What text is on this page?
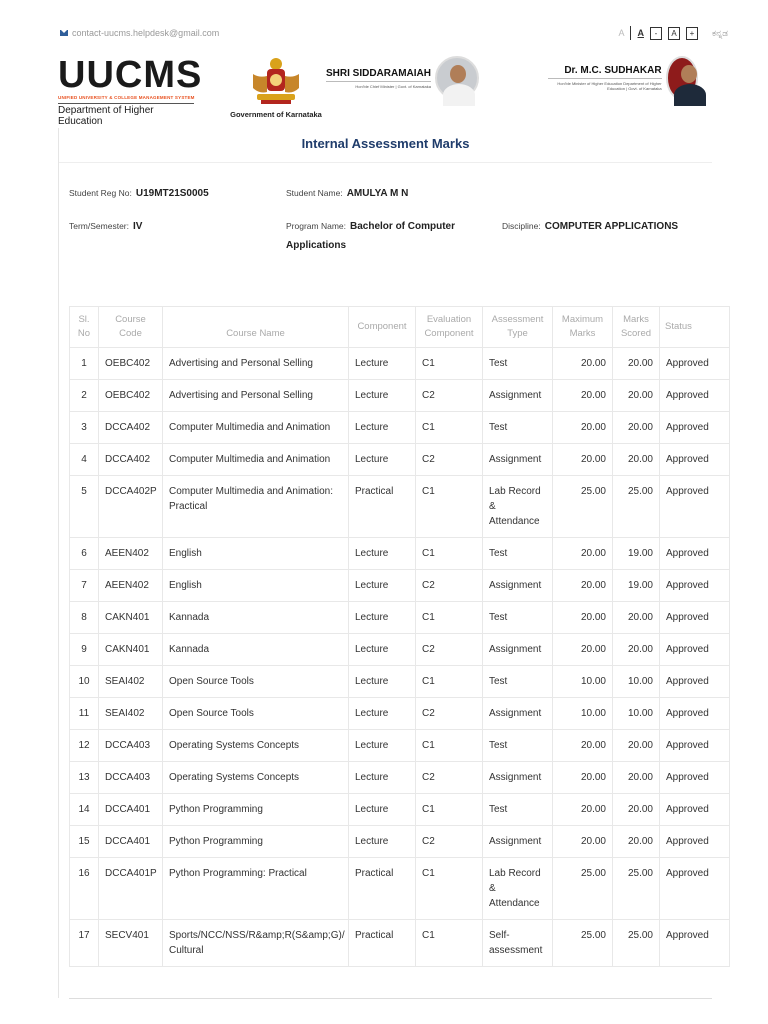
contact-uucms.helpdesk@gmail.com	A A	-	A	+	ಕನ್ನಡ
UUCMS
UNIFIED UNIVERSITY & COLLEGE MANAGEMENT SYSTEM
Department of Higher Education
Government of Karnataka
SHRI SIDDARAMAIAH
Hon'ble Chief Minister | Govt. of Karnataka
Dr. M.C. SUDHAKAR
Hon'ble Minister of Higher Education Department of Higher Education | Govt. of Karnataka
Internal Assessment Marks
Student Reg No: U19MT21S0005	Student Name: AMULYA M N
Term/Semester: IV	Program Name: Bachelor of Computer Applications
Discipline: COMPUTER APPLICATIONS
Sl. No	Course Code	Course Name	Component	Evaluation Component	Assessment Type	Maximum Marks	Marks Scored	Status
1	OEBC402	Advertising and Personal Selling	Lecture	C1	Test	20.00	20.00	Approved
2	OEBC402	Advertising and Personal Selling	Lecture	C2	Assignment	20.00	20.00	Approved
3	DCCA402	Computer Multimedia and Animation	Lecture	C1	Test	20.00	20.00	Approved
4	DCCA402	Computer Multimedia and Animation	Lecture	C2	Assignment	20.00	20.00	Approved
5	DCCA402P	Computer Multimedia and Animation: Practical	Practical	C1	Lab Record & Attendance	25.00	25.00	Approved
6	AEEN402	English	Lecture	C1	Test	20.00	19.00	Approved
7	AEEN402	English	Lecture	C2	Assignment	20.00	19.00	Approved
8	CAKN401	Kannada	Lecture	C1	Test	20.00	20.00	Approved
9	CAKN401	Kannada	Lecture	C2	Assignment	20.00	20.00	Approved
10	SEAI402	Open Source Tools	Lecture	C1	Test	10.00	10.00	Approved
11	SEAI402	Open Source Tools	Lecture	C2	Assignment	10.00	10.00	Approved
12	DCCA403	Operating Systems Concepts	Lecture	C1	Test	20.00	20.00	Approved
13	DCCA403	Operating Systems Concepts	Lecture	C2	Assignment	20.00	20.00	Approved
14	DCCA401	Python Programming	Lecture	C1	Test	20.00	20.00	Approved
15	DCCA401	Python Programming	Lecture	C2	Assignment	20.00	20.00	Approved
16	DCCA401P	Python Programming: Practical	Practical	C1	Lab Record & Attendance	25.00	25.00	Approved
17	SECV401	Sports/NCC/NSS/R&amp;R(S&amp;G)/ Cultural	Practical	C1	Self-assessment	25.00	25.00	Approved
